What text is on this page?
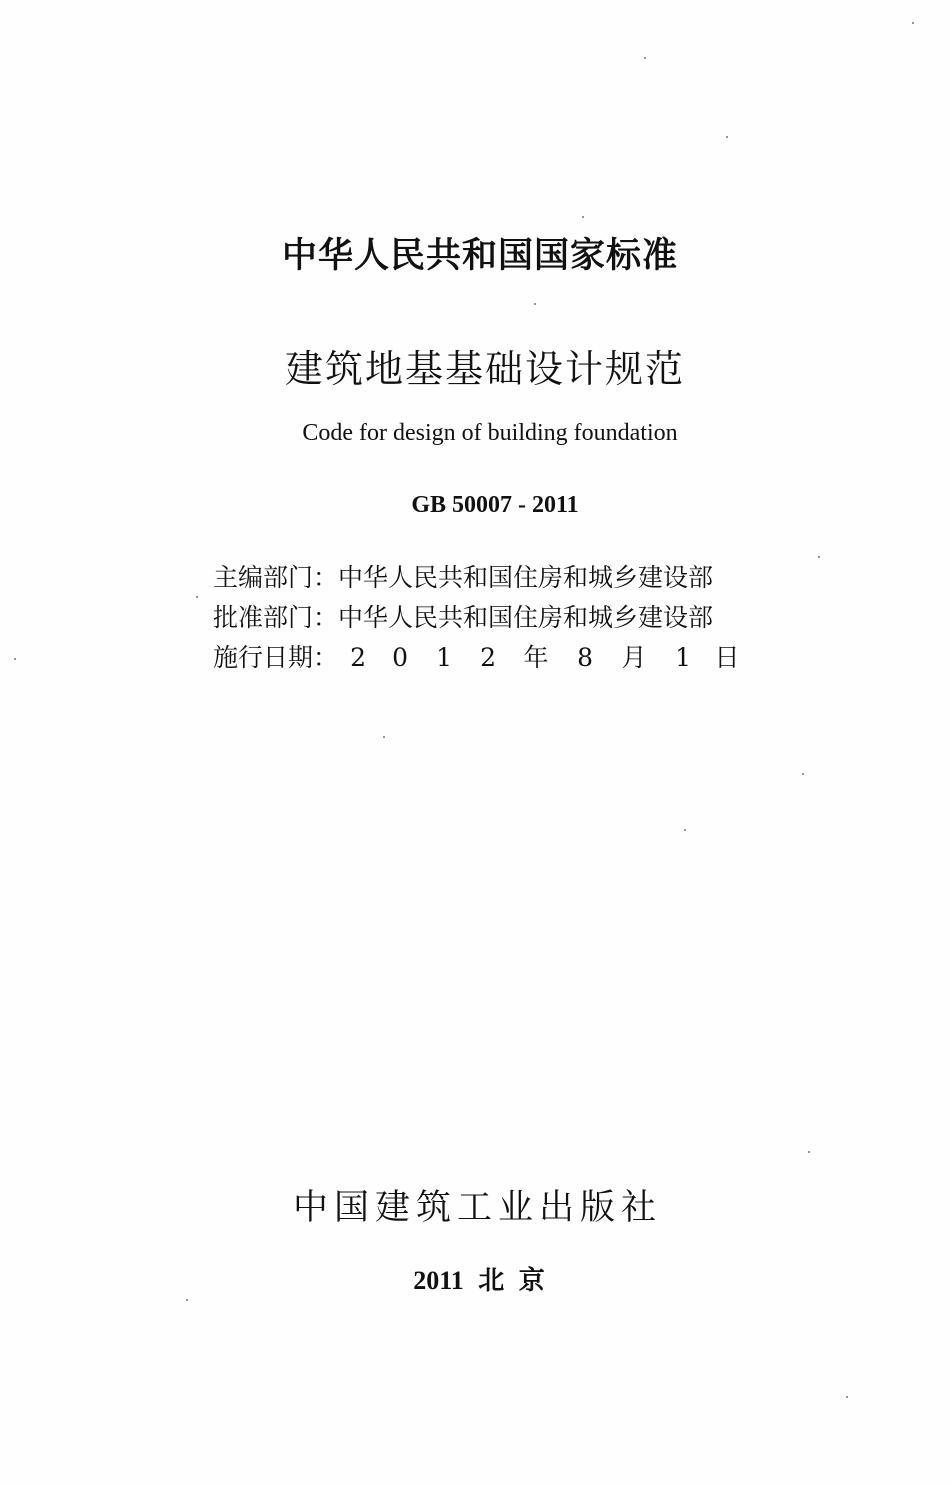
中华人民共和国国家标准
建筑地基基础设计规范
Code for design of building foundation
GB 50007 - 2011
主编部门： 中华人民共和国住房和城乡建设部
批准部门： 中华人民共和国住房和城乡建设部
施行日期： 2 0 1 2 年 8 月 1 日
中国建筑工业出版社
2011 北 京
